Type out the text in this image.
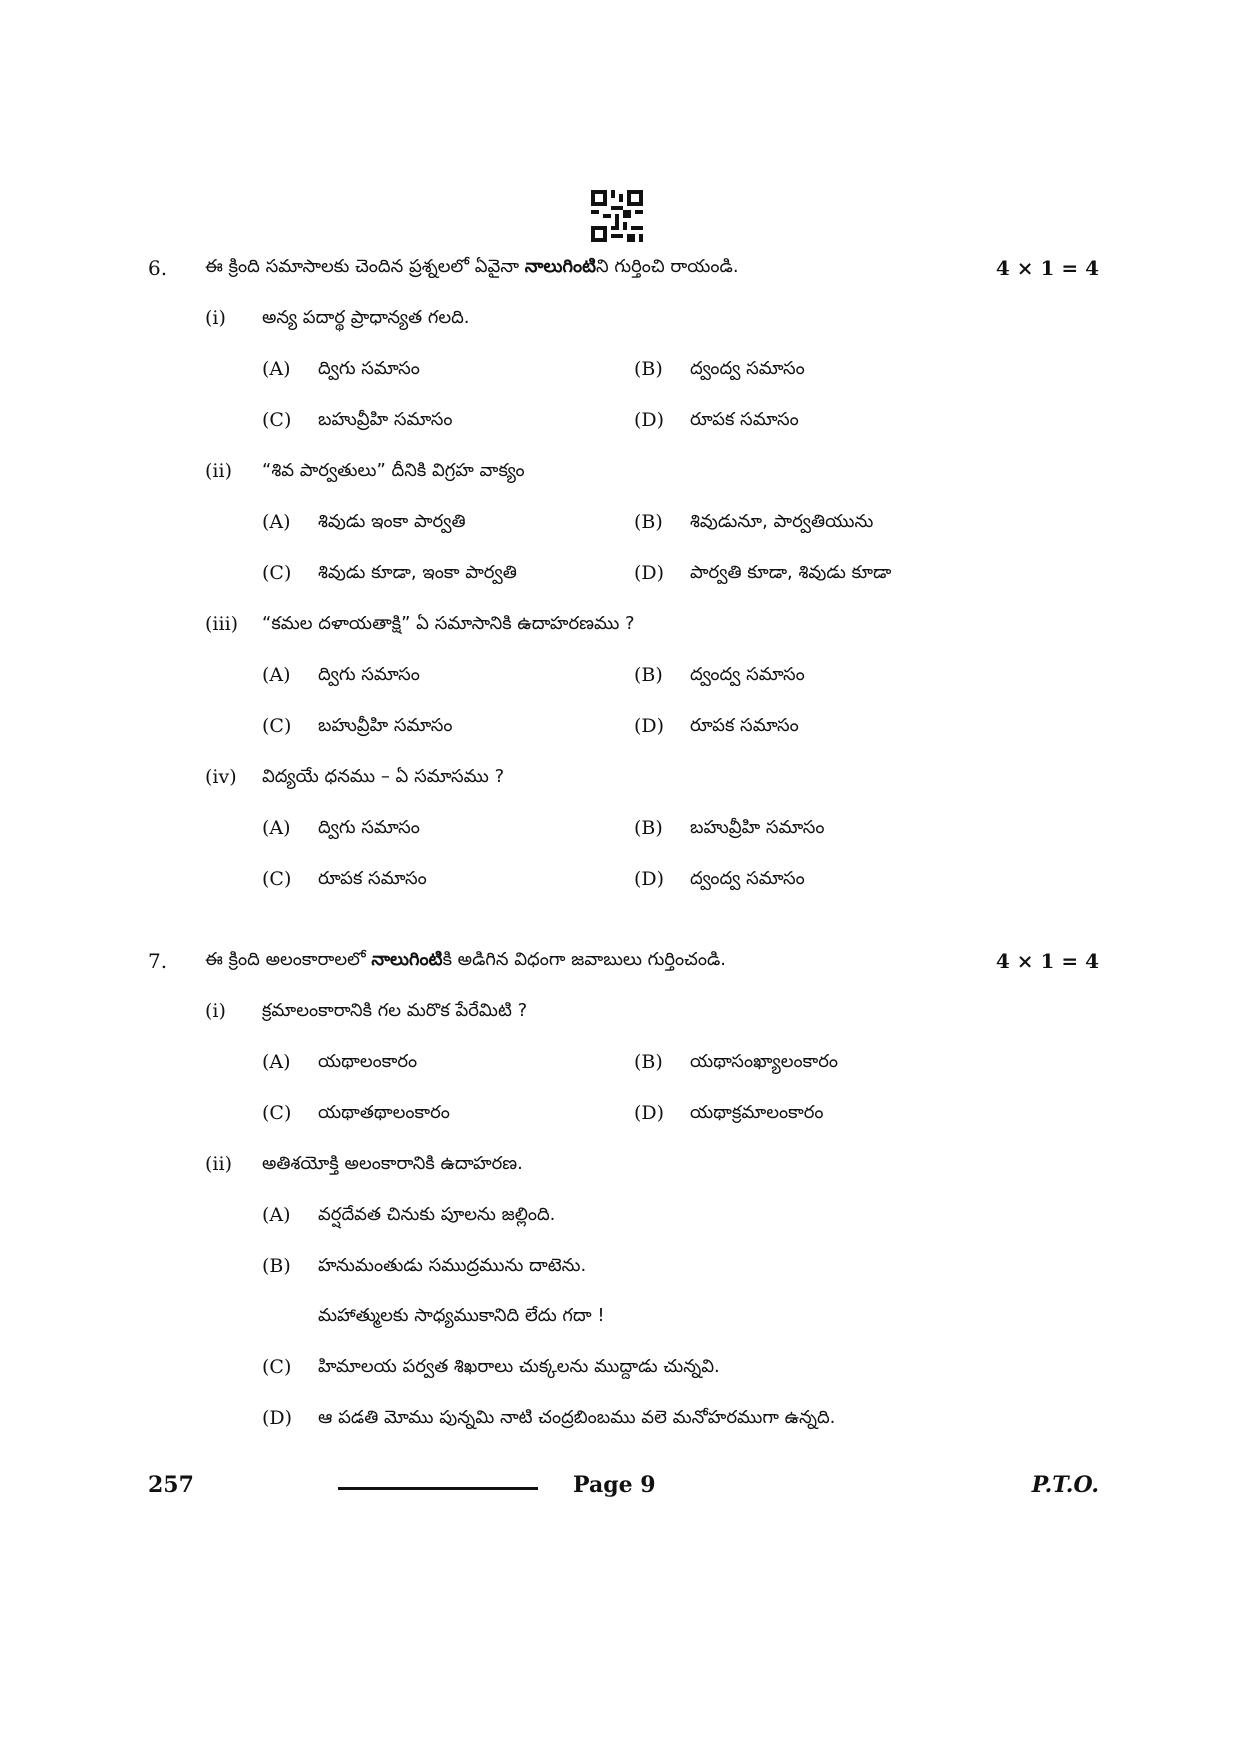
6. ఈ క్రింది సమాసాలకు చెందిన ప్రశ్నలలో ఏవైనా నాలుగింటిని గుర్తించి రాయండి.	4 × 1 = 4
(i) అన్య పదార్థ ప్రాధాన్యత గలది.
(A) ద్విగు సమాసం	(B) ద్వంద్వ సమాసం
(C) బహువ్రీహి సమాసం	(D) రూపక సమాసం
(ii) “శివ పార్వతులు” దీనికి విగ్రహ వాక్యం
(A) శివుడు ఇంకా పార్వతి	(B) శివుడునూ, పార్వతియును
(C) శివుడు కూడా, ఇంకా పార్వతి	(D) పార్వతి కూడా, శివుడు కూడా
(iii) “కమల దళాయతాక్షి” ఏ సమాసానికి ఉదాహరణము ?
(A) ద్విగు సమాసం	(B) ద్వంద్వ సమాసం
(C) బహువ్రీహి సమాసం	(D) రూపక సమాసం
(iv) విద్యయే ధనము – ఏ సమాసము ?
(A) ద్విగు సమాసం	(B) బహువ్రీహి సమాసం
(C) రూపక సమాసం	(D) ద్వంద్వ సమాసం
7. ఈ క్రింది అలంకారాలలో నాలుగింటికి అడిగిన విధంగా జవాబులు గుర్తించండి.	4 × 1 = 4
(i) క్రమాలంకారానికి గల మరొక పేరేమిటి ?
(A) యథాలంకారం	(B) యథాసంఖ్యాలంకారం
(C) యథాతథాలంకారం	(D) యథాక్రమాలంకారం
(ii) అతిశయోక్తి అలంకారానికి ఉదాహరణ.
(A) వర్షదేవత చినుకు పూలను జల్లింది.
(B) హనుమంతుడు సముద్రమును దాటెను.
మహాత్ములకు సాధ్యముకానిది లేదు గదా !
(C) హిమాలయ పర్వత శిఖరాలు చుక్కలను ముద్దాడు చున్నవి.
(D) ఆ పడతి మోము పున్నమి నాటి చంద్రబింబము వలె మనోహరముగా ఉన్నది.
257	Page 9	P.T.O.
